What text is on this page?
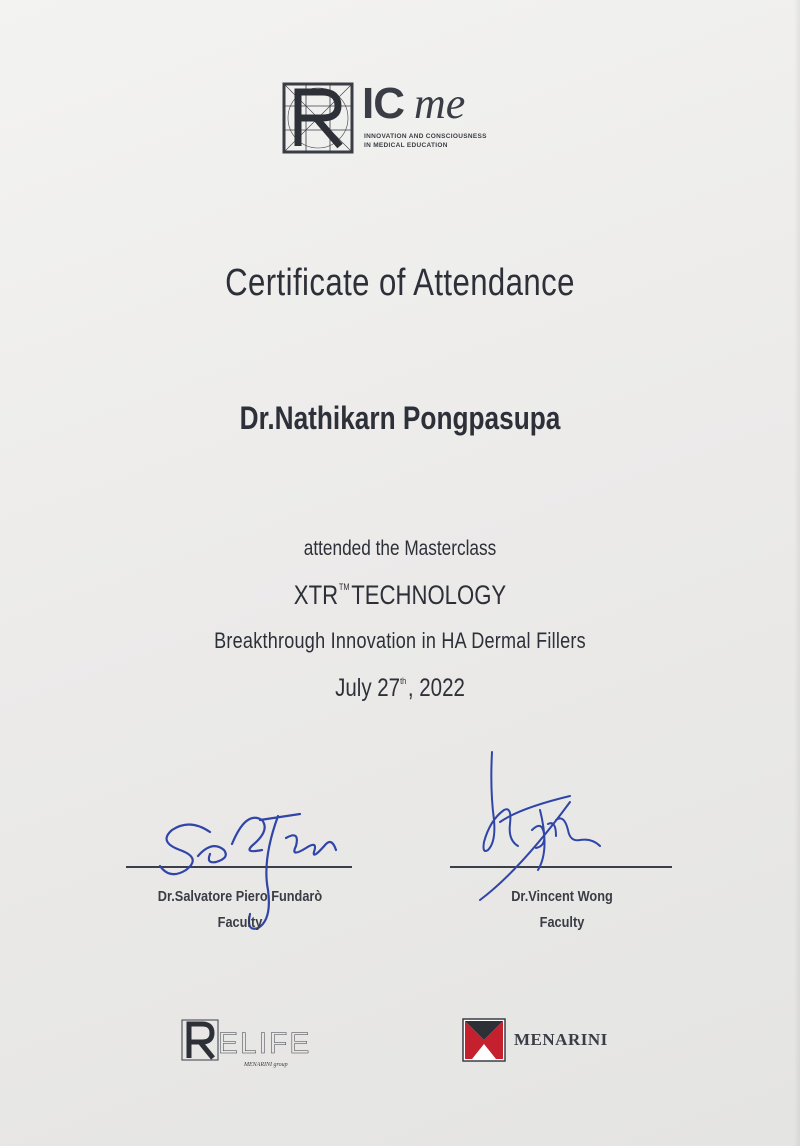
IC me
INNOVATION AND CONSCIOUSNESS
IN MEDICAL EDUCATION
Certificate of Attendance
Dr.Nathikarn Pongpasupa
attended the Masterclass
XTR™TECHNOLOGY
Breakthrough Innovation in HA Dermal Fillers
July 27th, 2022
Dr.Salvatore Piero Fundarò
Faculty
Dr.Vincent Wong
Faculty
ELIFE
MENARINI group
MENARINI
